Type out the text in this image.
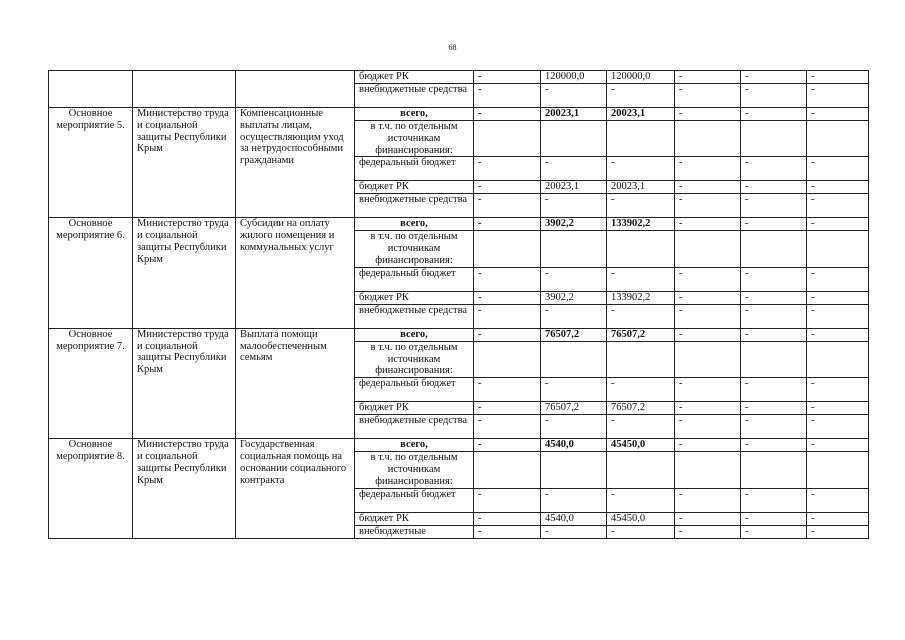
68
			бюджет РК	-	120000,0	120000,0	-	-	-
			внебюджетные средства	-	-	-	-	-	-
Основное мероприятие 5.	Министерство труда и социальной защиты Республики Крым	Компенсационные выплаты лицам, осуществляющим уход за нетрудоспособными гражданами	всего,	-	20023,1	20023,1	-	-	-
			в т.ч. по отдельным источникам финансирования:						
			федеральный бюджет	-	-	-	-	-	-
			бюджет РК	-	20023,1	20023,1	-	-	-
			внебюджетные средства	-	-	-	-	-	-
Основное мероприятие 6.	Министерство труда и социальной защиты Республики Крым	Субсидии на оплату жилого помещения и коммунальных услуг	всего,	-	3902,2	133902,2	-	-	-
			в т.ч. по отдельным источникам финансирования:						
			федеральный бюджет	-	-	-	-	-	-
			бюджет РК	-	3902,2	133902,2	-	-	-
			внебюджетные средства	-	-	-	-	-	-
Основное мероприятие 7.	Министерство труда и социальной защиты Республики Крым	Выплата помощи малообеспеченным семьям	всего,	-	76507,2	76507,2	-	-	-
			в т.ч. по отдельным источникам финансирования:						
			федеральный бюджет	-	-	-	-	-	-
			бюджет РК	-	76507,2	76507,2	-	-	-
			внебюджетные средства	-	-	-	-	-	-
Основное мероприятие 8.	Министерство труда и социальной защиты Республики Крым	Государственная социальная помощь на основании социального контракта	всего,	-	4540,0	45450,0	-	-	-
			в т.ч. по отдельным источникам финансирования:						
			федеральный бюджет	-	-	-	-	-	-
			бюджет РК	-	4540,0	45450,0	-	-	-
			внебюджетные	-	-	-	-	-	-
